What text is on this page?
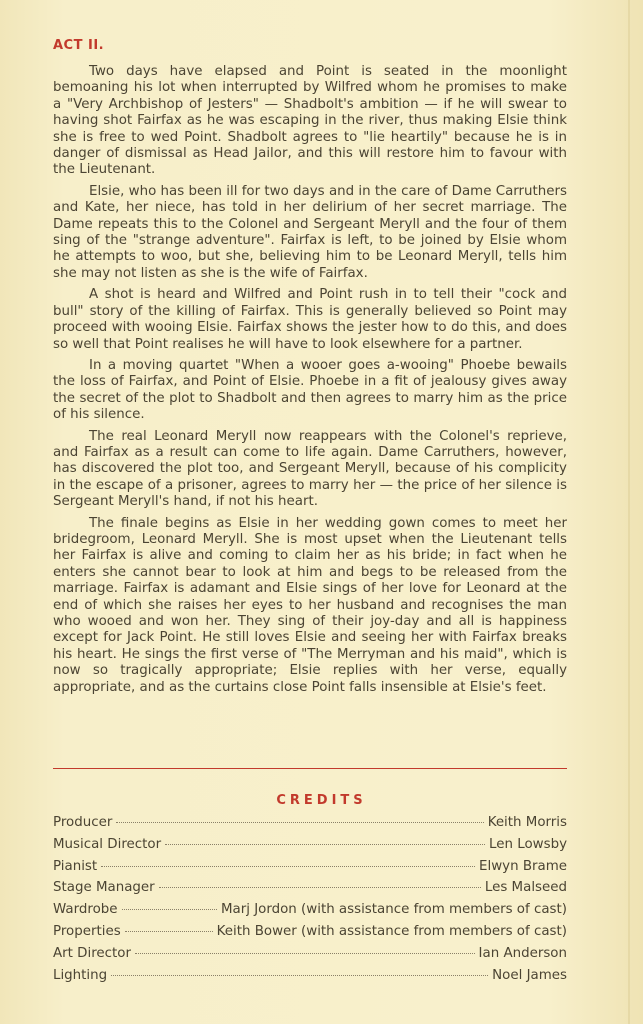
ACT II.

Two days have elapsed and Point is seated in the moonlight bemoaning his lot when interrupted by Wilfred whom he promises to make a "Very Archbishop of Jesters" — Shadbolt's ambition — if he will swear to having shot Fairfax as he was escaping in the river, thus making Elsie think she is free to wed Point. Shadbolt agrees to "lie heartily" because he is in danger of dismissal as Head Jailor, and this will restore him to favour with the Lieutenant.

Elsie, who has been ill for two days and in the care of Dame Carruthers and Kate, her niece, has told in her delirium of her secret marriage. The Dame repeats this to the Colonel and Sergeant Meryll and the four of them sing of the "strange adventure". Fairfax is left, to be joined by Elsie whom he attempts to woo, but she, believing him to be Leonard Meryll, tells him she may not listen as she is the wife of Fairfax.

A shot is heard and Wilfred and Point rush in to tell their "cock and bull" story of the killing of Fairfax. This is generally believed so Point may proceed with wooing Elsie. Fairfax shows the jester how to do this, and does so well that Point realises he will have to look elsewhere for a partner.

In a moving quartet "When a wooer goes a-wooing" Phoebe bewails the loss of Fairfax, and Point of Elsie. Phoebe in a fit of jealousy gives away the secret of the plot to Shadbolt and then agrees to marry him as the price of his silence.

The real Leonard Meryll now reappears with the Colonel's reprieve, and Fairfax as a result can come to life again. Dame Carruthers, however, has discovered the plot too, and Sergeant Meryll, because of his complicity in the escape of a prisoner, agrees to marry her — the price of her silence is Sergeant Meryll's hand, if not his heart.

The finale begins as Elsie in her wedding gown comes to meet her bridegroom, Leonard Meryll. She is most upset when the Lieutenant tells her Fairfax is alive and coming to claim her as his bride; in fact when he enters she cannot bear to look at him and begs to be released from the marriage. Fairfax is adamant and Elsie sings of her love for Leonard at the end of which she raises her eyes to her husband and recognises the man who wooed and won her. They sing of their joy-day and all is happiness except for Jack Point. He still loves Elsie and seeing her with Fairfax breaks his heart. He sings the first verse of "The Merryman and his maid", which is now so tragically appropriate; Elsie replies with her verse, equally appropriate, and as the curtains close Point falls insensible at Elsie's feet.

CREDITS
Producer	Keith Morris
Musical Director	Len Lowsby
Pianist	Elwyn Brame
Stage Manager	Les Malseed
Wardrobe	Marj Jordon (with assistance from members of cast)
Properties	Keith Bower (with assistance from members of cast)
Art Director	Ian Anderson
Lighting	Noel James
